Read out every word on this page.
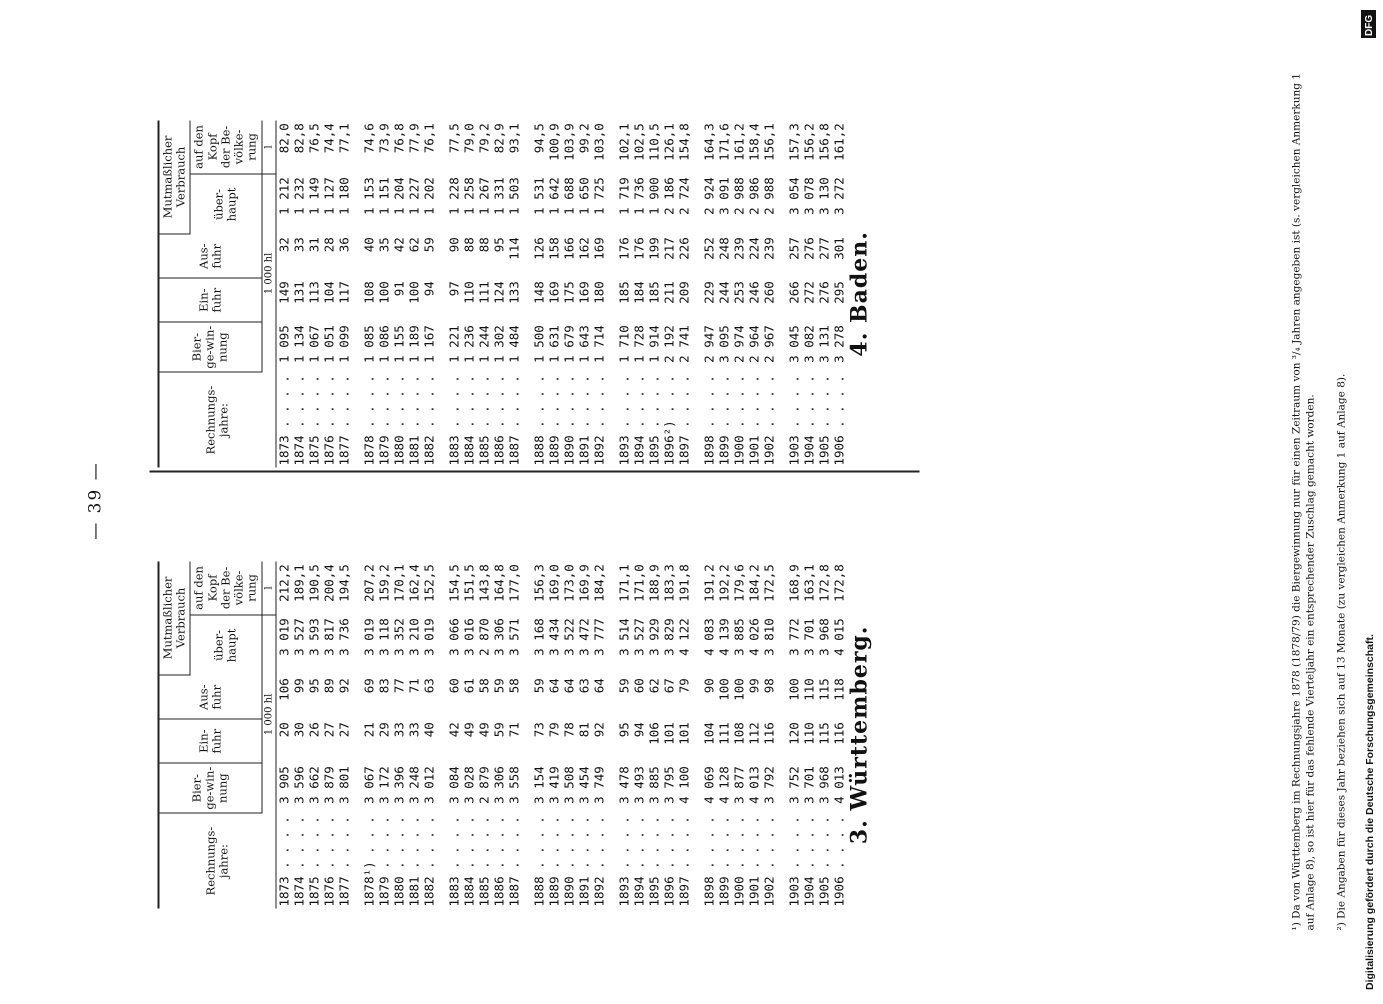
— 39 —
Rechnungs-jahre:	Bier-ge-win-nung	Ein-fuhr	Aus-fuhr	Mutmaßlicher Verbrauch	
				über-haupt	auf den Kopf der Be-völke-rung
	1 000 hl				l
1873 . . . .	3 905	20	106	3 019	212,2
1874 . . . .	3 596	30	99	3 527	189,1
1875 . . . .	3 662	26	95	3 593	190,5
1876 . . . .	3 879	27	89	3 817	200,4
1877 . . . .	3 801	27	92	3 736	194,5

1878¹) . . .	3 067	21	69	3 019	207,2
1879 . . . .	3 172	29	83	3 118	159,2
1880 . . . .	3 396	33	77	3 352	170,1
1881 . . . .	3 248	33	71	3 210	162,4
1882 . . . .	3 012	40	63	3 019	152,5

1883 . . . .	3 084	42	60	3 066	154,5
1884 . . . .	3 028	49	61	3 016	151,5
1885 . . . .	2 879	49	58	2 870	143,8
1886 . . . .	3 306	59	59	3 306	164,8
1887 . . . .	3 558	71	58	3 571	177,0

1888 . . . .	3 154	73	59	3 168	156,3
1889 . . . .	3 419	79	64	3 434	169,0
1890 . . . .	3 508	78	64	3 522	173,0
1891 . . . .	3 454	81	63	3 472	169,9
1892 . . . .	3 749	92	64	3 777	184,2

1893 . . . .	3 478	95	59	3 514	171,1
1894 . . . .	3 493	94	60	3 527	171,0
1895 . . . .	3 885	106	62	3 929	188,9
1896 . . . .	3 795	101	67	3 829	183,3
1897 . . . .	4 100	101	79	4 122	191,8

1898 . . . .	4 069	104	90	4 083	191,2
1899 . . . .	4 128	111	100	4 139	192,2
1900 . . . .	3 877	108	100	3 885	179,6
1901 . . . .	4 013	112	99	4 026	184,2
1902 . . . .	3 792	116	98	3 810	172,5

1903 . . . .	3 752	120	100	3 772	168,9
1904 . . . .	3 701	110	110	3 701	163,1
1905 . . . .	3 968	115	115	3 968	172,8
1906 . . . .	4 013	116	118	4 015	172,8
3. Württemberg.
Rechnungs-jahre:	Bier-ge-win-nung	Ein-fuhr	Aus-fuhr	Mutmaßlicher Verbrauch	
				über-haupt	auf den Kopf der Be-völke-rung
	1 000 hl				l
1873 . . . .	1 095	149	32	1 212	82,0
1874 . . . .	1 134	131	33	1 232	82,8
1875 . . . .	1 067	113	31	1 149	76,5
1876 . . . .	1 051	104	28	1 127	74,4
1877 . . . .	1 099	117	36	1 180	77,1

1878 . . . .	1 085	108	40	1 153	74,6
1879 . . . .	1 086	100	35	1 151	73,9
1880 . . . .	1 155	91	42	1 204	76,8
1881 . . . .	1 189	100	62	1 227	77,9
1882 . . . .	1 167	94	59	1 202	76,1

1883 . . . .	1 221	97	90	1 228	77,5
1884 . . . .	1 236	110	88	1 258	79,0
1885 . . . .	1 244	111	88	1 267	79,2
1886 . . . .	1 302	124	95	1 331	82,9
1887 . . . .	1 484	133	114	1 503	93,1

1888 . . . .	1 500	148	126	1 531	94,5
1889 . . . .	1 631	169	158	1 642	100,9
1890 . . . .	1 679	175	166	1 688	103,9
1891 . . . .	1 643	169	162	1 650	99,2
1892 . . . .	1 714	180	169	1 725	103,0

1893 . . . .	1 710	185	176	1 719	102,1
1894 . . . .	1 728	184	176	1 736	102,5
1895 . . . .	1 914	185	199	1 900	110,5
1896²) . . .	2 192	211	217	2 186	126,1
1897 . . . .	2 741	209	226	2 724	154,8

1898 . . . .	2 947	229	252	2 924	164,3
1899 . . . .	3 095	244	248	3 091	171,6
1900 . . . .	2 974	253	239	2 988	161,2
1901 . . . .	2 964	246	224	2 986	158,4
1902 . . . .	2 967	260	239	2 988	156,1

1903 . . . .	3 045	266	257	3 054	157,3
1904 . . . .	3 082	272	276	3 078	156,2
1905 . . . .	3 131	276	277	3 130	156,8
1906 . . . .	3 278	295	301	3 272	161,2
4. Baden.	¹) Da von Württemberg im Rechnungsjahre 1878 (1878/79) die Biergewinnung nur für einen Zeitraum von ³/₄ Jahren angegeben ist (s. vergleichen Anmerkung 1 auf Anlage 8), so ist hier für das fehlende Vierteljahr ein entsprechender Zuschlag gemacht worden. ²) Die Angaben für dieses Jahr beziehen sich auf 13 Monate (zu vergleichen Anmerkung 1 auf Anlage 8). Digitalisierung gefördert durch die Deutsche Forschungsgemeinschaft.
DFG
